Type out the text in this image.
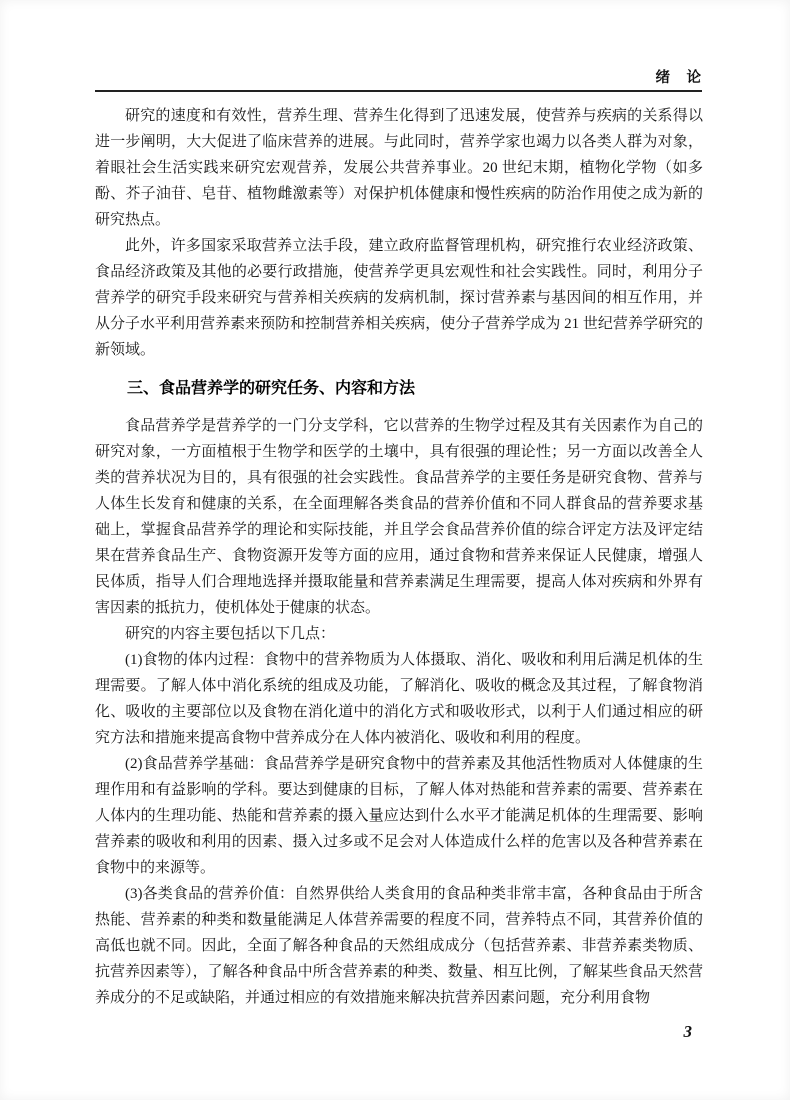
绪　论

研究的速度和有效性，营养生理、营养生化得到了迅速发展，使营养与疾病的关系得以进一步阐明，大大促进了临床营养的进展。与此同时，营养学家也竭力以各类人群为对象，着眼社会生活实践来研究宏观营养，发展公共营养事业。20 世纪末期，植物化学物（如多酚、芥子油苷、皂苷、植物雌激素等）对保护机体健康和慢性疾病的防治作用使之成为新的研究热点。

此外，许多国家采取营养立法手段，建立政府监督管理机构，研究推行农业经济政策、食品经济政策及其他的必要行政措施，使营养学更具宏观性和社会实践性。同时，利用分子营养学的研究手段来研究与营养相关疾病的发病机制，探讨营养素与基因间的相互作用，并从分子水平利用营养素来预防和控制营养相关疾病，使分子营养学成为 21 世纪营养学研究的新领域。

三、食品营养学的研究任务、内容和方法

食品营养学是营养学的一门分支学科，它以营养的生物学过程及其有关因素作为自己的研究对象，一方面植根于生物学和医学的土壤中，具有很强的理论性；另一方面以改善全人类的营养状况为目的，具有很强的社会实践性。食品营养学的主要任务是研究食物、营养与人体生长发育和健康的关系，在全面理解各类食品的营养价值和不同人群食品的营养要求基础上，掌握食品营养学的理论和实际技能，并且学会食品营养价值的综合评定方法及评定结果在营养食品生产、食物资源开发等方面的应用，通过食物和营养来保证人民健康，增强人民体质，指导人们合理地选择并摄取能量和营养素满足生理需要，提高人体对疾病和外界有害因素的抵抗力，使机体处于健康的状态。

研究的内容主要包括以下几点：

(1)食物的体内过程：食物中的营养物质为人体摄取、消化、吸收和利用后满足机体的生理需要。了解人体中消化系统的组成及功能，了解消化、吸收的概念及其过程，了解食物消化、吸收的主要部位以及食物在消化道中的消化方式和吸收形式，以利于人们通过相应的研究方法和措施来提高食物中营养成分在人体内被消化、吸收和利用的程度。

(2)食品营养学基础：食品营养学是研究食物中的营养素及其他活性物质对人体健康的生理作用和有益影响的学科。要达到健康的目标，了解人体对热能和营养素的需要、营养素在人体内的生理功能、热能和营养素的摄入量应达到什么水平才能满足机体的生理需要、影响营养素的吸收和利用的因素、摄入过多或不足会对人体造成什么样的危害以及各种营养素在食物中的来源等。

(3)各类食品的营养价值：自然界供给人类食用的食品种类非常丰富，各种食品由于所含热能、营养素的种类和数量能满足人体营养需要的程度不同，营养特点不同，其营养价值的高低也就不同。因此，全面了解各种食品的天然组成成分（包括营养素、非营养素类物质、抗营养因素等），了解各种食品中所含营养素的种类、数量、相互比例，了解某些食品天然营养成分的不足或缺陷，并通过相应的有效措施来解决抗营养因素问题，充分利用食物

3
